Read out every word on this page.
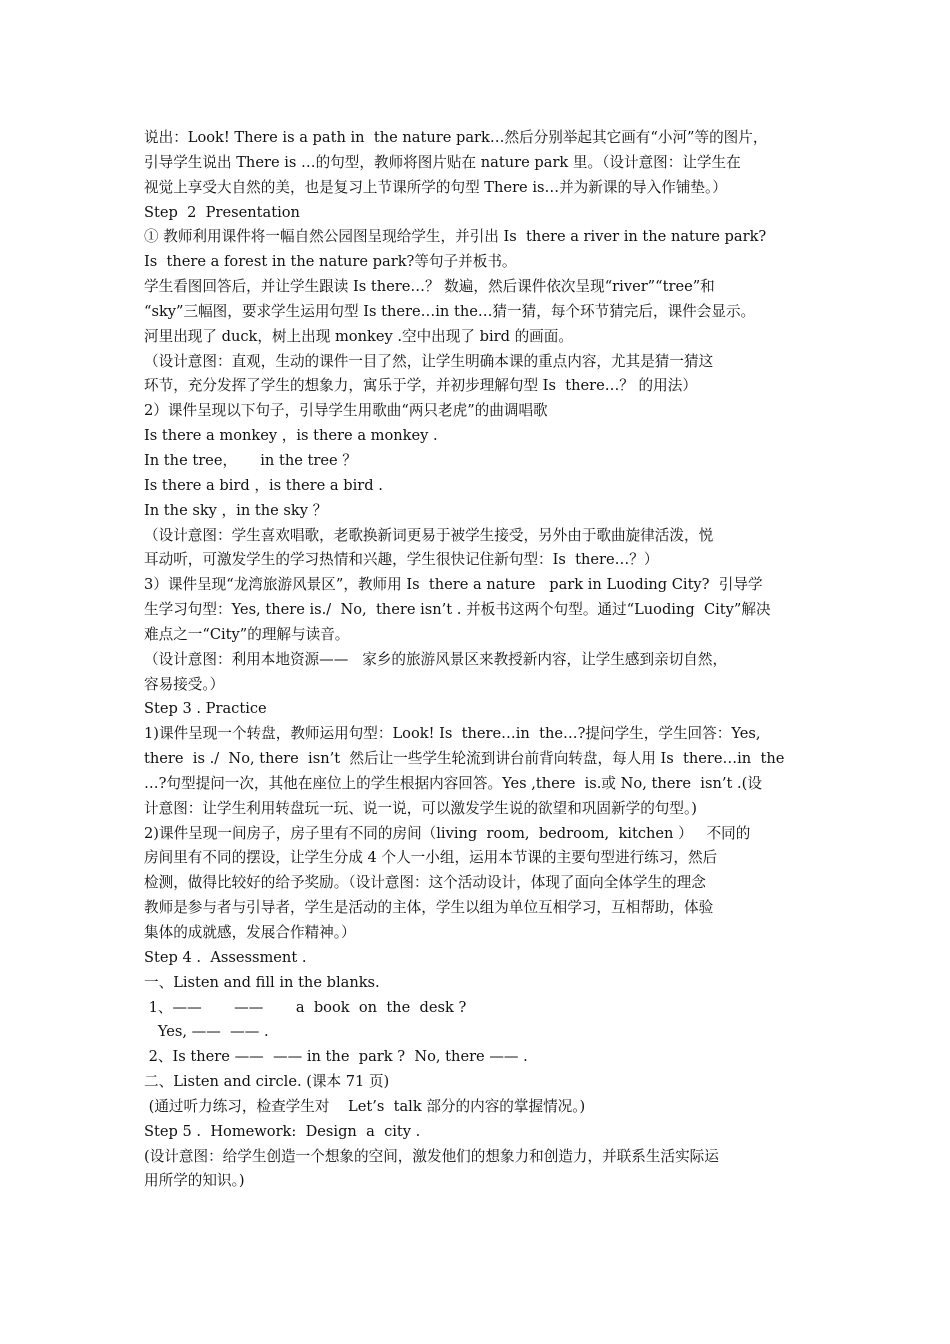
说出：Look! There is a path in  the nature park…然后分别举起其它画有“小河”等的图片，
引导学生说出 There is …的句型，教师将图片贴在 nature park 里。（设计意图：让学生在
视觉上享受大自然的美，也是复习上节课所学的句型 There is…并为新课的导入作铺垫。）
Step  2  Presentation
① 教师利用课件将一幅自然公园图呈现给学生，并引出 Is  there a river in the nature park?
Is  there a forest in the nature park?等句子并板书。
学生看图回答后，并让学生跟读 Is there…？ 数遍，然后课件依次呈现“river”“tree”和
“sky”三幅图，要求学生运用句型 Is there…in the…猜一猜，每个环节猜完后，课件会显示。
河里出现了 duck，树上出现 monkey .空中出现了 bird 的画面。
（设计意图：直观，生动的课件一目了然，让学生明确本课的重点内容，尤其是猜一猜这
环节，充分发挥了学生的想象力，寓乐于学，并初步理解句型 Is  there…？ 的用法）
2）课件呈现以下句子，引导学生用歌曲“两只老虎”的曲调唱歌
Is there a monkey ，is there a monkey .
In the tree，     in the tree ？
Is there a bird ，is there a bird .
In the sky ，in the sky ？
（设计意图：学生喜欢唱歌，老歌换新词更易于被学生接受，另外由于歌曲旋律活泼，悦
耳动听，可激发学生的学习热情和兴趣，学生很快记住新句型：Is  there…？）
3）课件呈现“龙湾旅游风景区”，教师用 Is  there a nature   park in Luoding City?  引导学
生学习句型：Yes, there is./  No,  there isn’t . 并板书这两个句型。通过“Luoding  City”解决
难点之一“City”的理解与读音。
（设计意图：利用本地资源——   家乡的旅游风景区来教授新内容，让学生感到亲切自然，
容易接受。）
Step 3 . Practice
1)课件呈现一个转盘，教师运用句型：Look! Is  there…in  the…?提问学生，学生回答：Yes,
there  is ./  No, there  isn’t  然后让一些学生轮流到讲台前背向转盘，每人用 Is  there…in  the
…?句型提问一次，其他在座位上的学生根据内容回答。Yes ,there  is.或 No, there  isn’t .(设
计意图：让学生利用转盘玩一玩、说一说，可以激发学生说的欲望和巩固新学的句型。)
2)课件呈现一间房子，房子里有不同的房间（living  room,  bedroom,  kitchen ）   不同的
房间里有不同的摆设，让学生分成 4 个人一小组，运用本节课的主要句型进行练习，然后
检测，做得比较好的给予奖励。（设计意图：这个活动设计，体现了面向全体学生的理念
教师是参与者与引导者，学生是活动的主体，学生以组为单位互相学习，互相帮助，体验
集体的成就感，发展合作精神。）
Step 4 .  Assessment .
一、Listen and fill in the blanks.
1、——       ——       a  book  on  the  desk ?
Yes, ——  —— .
2、Is there ——  —— in the  park ?  No, there —— .
二、Listen and circle. (课本 71 页)
(通过听力练习，检查学生对    Let’s  talk 部分的内容的掌握情况。)
Step 5 .  Homework:  Design  a  city .
(设计意图：给学生创造一个想象的空间，激发他们的想象力和创造力，并联系生活实际运
用所学的知识。)
